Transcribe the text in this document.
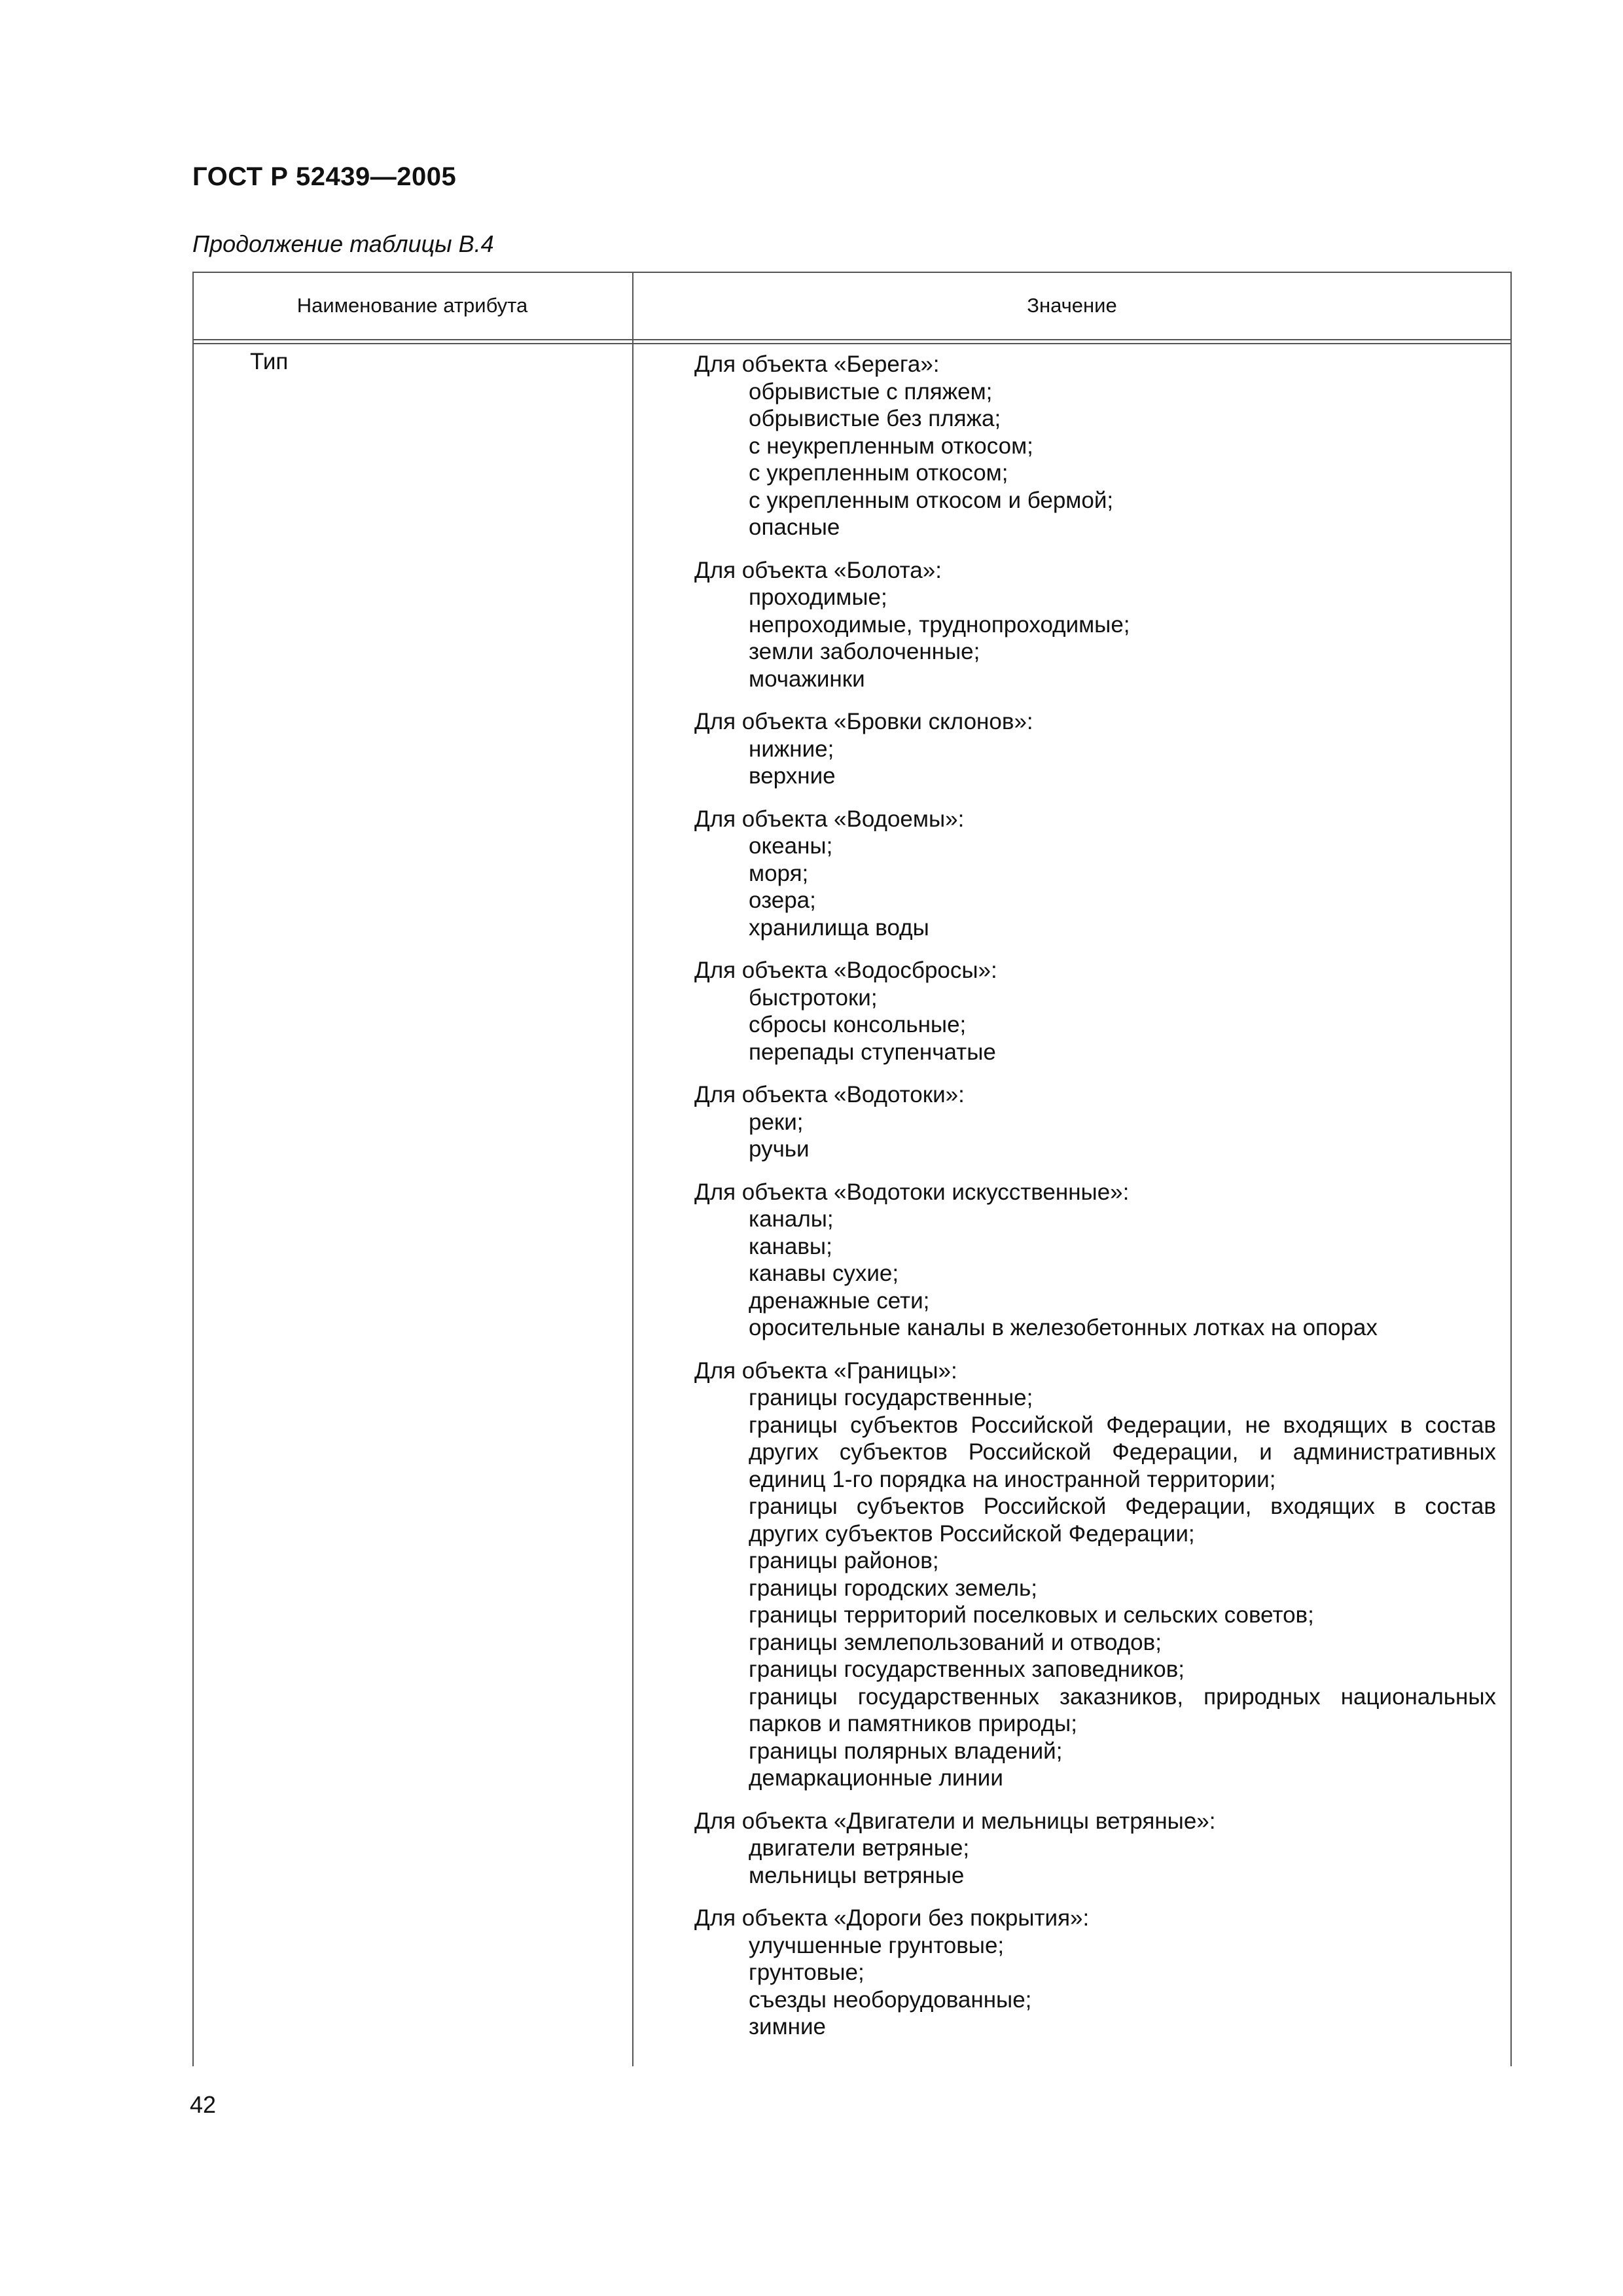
ГОСТ Р 52439—2005

Продолжение таблицы В.4

Наименование атрибута	Значение

Тип	Для объекта «Берега»:
обрывистые с пляжем;
обрывистые без пляжа;
с неукрепленным откосом;
с укрепленным откосом;
с укрепленным откосом и бермой;
опасные
Для объекта «Болота»:
проходимые;
непроходимые, труднопроходимые;
земли заболоченные;
мочажинки
Для объекта «Бровки склонов»:
нижние;
верхние
Для объекта «Водоемы»:
океаны;
моря;
озера;
хранилища воды
Для объекта «Водосбросы»:
быстротоки;
сбросы консольные;
перепады ступенчатые
Для объекта «Водотоки»:
реки;
ручьи
Для объекта «Водотоки искусственные»:
каналы;
канавы;
канавы сухие;
дренажные сети;
оросительные каналы в железобетонных лотках на опорах
Для объекта «Границы»:
границы государственные;
границы субъектов Российской Федерации, не входящих в состав других субъектов Российской Федерации, и административных единиц 1-го порядка на иностранной территории;
границы субъектов Российской Федерации, входящих в состав других субъектов Российской Федерации;
границы районов;
границы городских земель;
границы территорий поселковых и сельских советов;
границы землепользований и отводов;
границы государственных заповедников;
границы государственных заказников, природных национальных парков и памятников природы;
границы полярных владений;
демаркационные линии
Для объекта «Двигатели и мельницы ветряные»:
двигатели ветряные;
мельницы ветряные
Для объекта «Дороги без покрытия»:
улучшенные грунтовые;
грунтовые;
съезды необорудованные;
зимние

42
